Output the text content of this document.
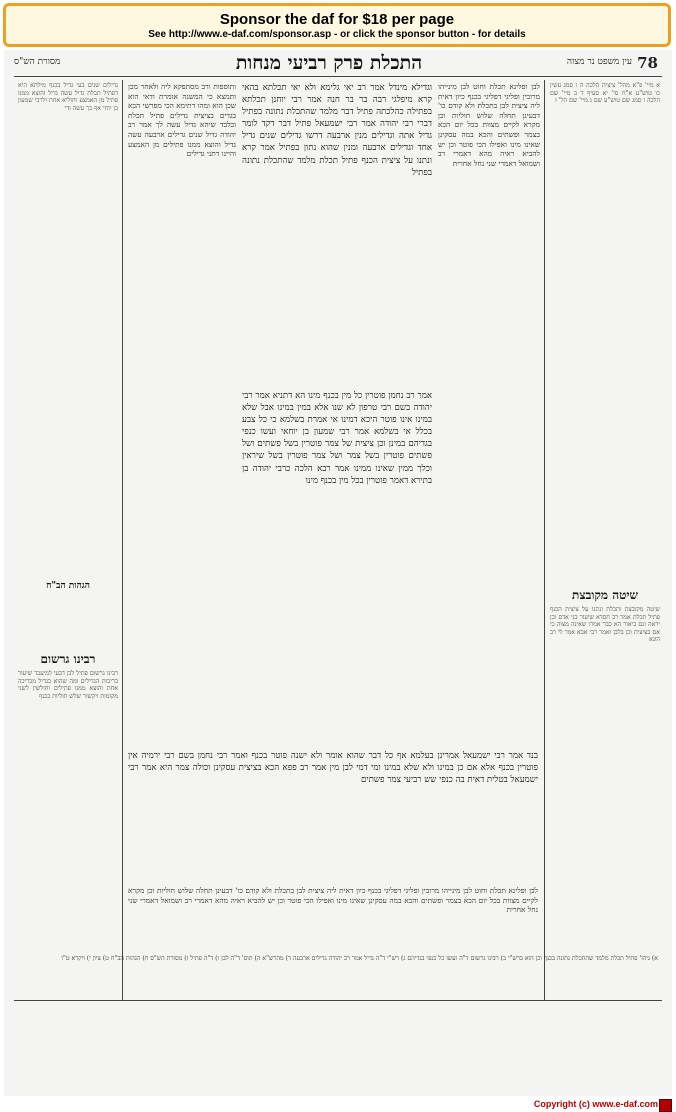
Sponsor the daf for $18 per page
See http://www.e-daf.com/sponsor.asp - or click the sponsor button - for details
78
התכלת פרק רביעי מנחות
מסורת הש"ס	עין משפט נר מצוה
ותוספות ורב מסתפקא ליה ולאחר מכן ותמצא כי המשנה אומרת ודאי הוא שכן הוא ומהו דתימא הכי מפרשי הכא בגדים בציצית גדילים פתיל תכלת ובלבד שיהא גדיל עשה לך אמר רב יהודה גדיל שנים גדילים ארבעה עשה גדיל והוצא ממנו פתילים מן האמצע והיינו דתני גדילים
וגדילא מינדל אמר רב יאי גלימא ולא יאי תכלתא בהאי קרא מיפלגי רבה בר בר חנה אמר רבי יוחנן תכלתא בפתילה כהלכתה פתיל דבר מלמד שהתכלת נתונה בפתיל דברי רבי יהודה אמר רבי ישמעאל פתיל דבר דקד לומר גדיל אתה וגדילים מנין ארבעה דרשו גדילים שנים גדיל אחד וגדילים ארבעה ומנין שהוא נתון בפתיל אמר קרא ונתנו על ציצית הכנף פתיל תכלת מלמד שהתכלת נתונה בפתיל
אמר רב נחמן פוטרין כל מין בכנף מינו הא דתניא אמר רבי יהודה בשם רבי טרפון לא שנו אלא במין במינו אבל שלא במינו אינו פוטר היכא דמינו אי אמרת בשלמא כי כל צבע בכלל אי בשלמא אמר רבי שמעון בן יוחאי ועשו כנפי בגדיהם במינן וכן ציצית של צמר פוטרין בשל פשתים ושל פשתים פוטרין בשל צמר ושל צמר פוטרין בשל שיראין וכלך ממין שאינו ממינו אמר רבא הלכה כרבי יהודה בן בתירא דאמר פוטרין בכל מין בכנף מינו
בנד אמר רבי ישמעאל אמרינן בעלמא אף כל דבר שהוא אומר ולא ישנה פוטר בכנף ואמר רבי נחמן בשם רבי ירמיה אין פוטרין בכנף אלא אם כן במינו ולא שלא במינו ומי דמי לבן מין אמר רב פפא הכא בציצית עסקינן וכולה צמר היא אמר רבי ישמעאל בטלית דאית בה כנפי שש רביעי צמר פשתים
לבן ופלינא תכלת וחוט לבן מינייהו מרובין ופליגי דפליגי בכנף כיון דאית ליה ציצית לבן בתכלת ולא קודם כו' דבעינן תחלה שלוש חוליות וכן מקרא לקיים מצוות בכל יום הכא בצמר ופשתים והכא במה עסקינן שאינו מינו ואפילו הכי פוטר וכן יש להביא ראיה מהא דאמרי רב ושמואל דאמרי שני נחל אחרית
גדילים שנים בעי גדיל בכנף מילתא היא דפתיל תכלת גדיל עשה גדיל והוצא ממנו פתיל מן האמצע וחוליא אחת ולרבי שמעון בן יוחי אף כך עשה ודי
רבינו גרשום
רבינו גרשום פתיל לבן דבעי למיעבד שיעור כריכות הגדילים ומה שהוא בגדיל מכריכה אחת והוצא ממנו פתילים וחולשין לשני מקומות ויקשור שלש חוליות בכנף
הגהות הב"ח
א מיי' פ"א מהל' ציצית הלכה ה ו סמג עשין כו טוש"ע א"ח סי' יא סעיף ד ב מיי' שם הלכה ו סמג שם טוש"ע שם ג מיי' שם הל' ז
שיטה מקובצת
שיטה מקובצת ותכלת ונתנו על ציצית הכנף פתיל תכלת אמר רב חסדא שיעור בני אדם וכן יראה וגם ביאור הא כבר אמרו שאינה מצוה כי אם בציצית וכן בלבן ואמר רבי אבא אמר לי רב הונא
לבן ופלינא תכלת וחוט לבן מינייהו מרובין ופליגי דפליגי בכנף כיון דאית ליה ציצית לבן בתכלת ולא קודם כו' דבעינן תחלה שלוש חוליות וכן מקרא לקיים מצוות בכל יום הכא בצמר ופשתים והכא במה עסקינן שאינו מינו ואפילו הכי פוטר וכן יש להביא ראיה מהא דאמרי רב ושמואל דאמרי שני נחל אחרית
א) גיהו' פתיל תכלת מלמד שהתכלת נתונה בכנף וכן הוא ברש"י ב) רבינו גרשום ד"ה ועשו כל כנפי בגדיהם ג) רש"י ד"ה גדיל אמר רב יהודה גדילים ארבעה ד) מהרש"א ה) תוס' ד"ה לבן ו) ד"ה פתיל ז) מסורת הש"ס ח) הגהות הב"ח ט) ציון י) ויקרא ט"ו
Copyright (c) www.e-daf.com
